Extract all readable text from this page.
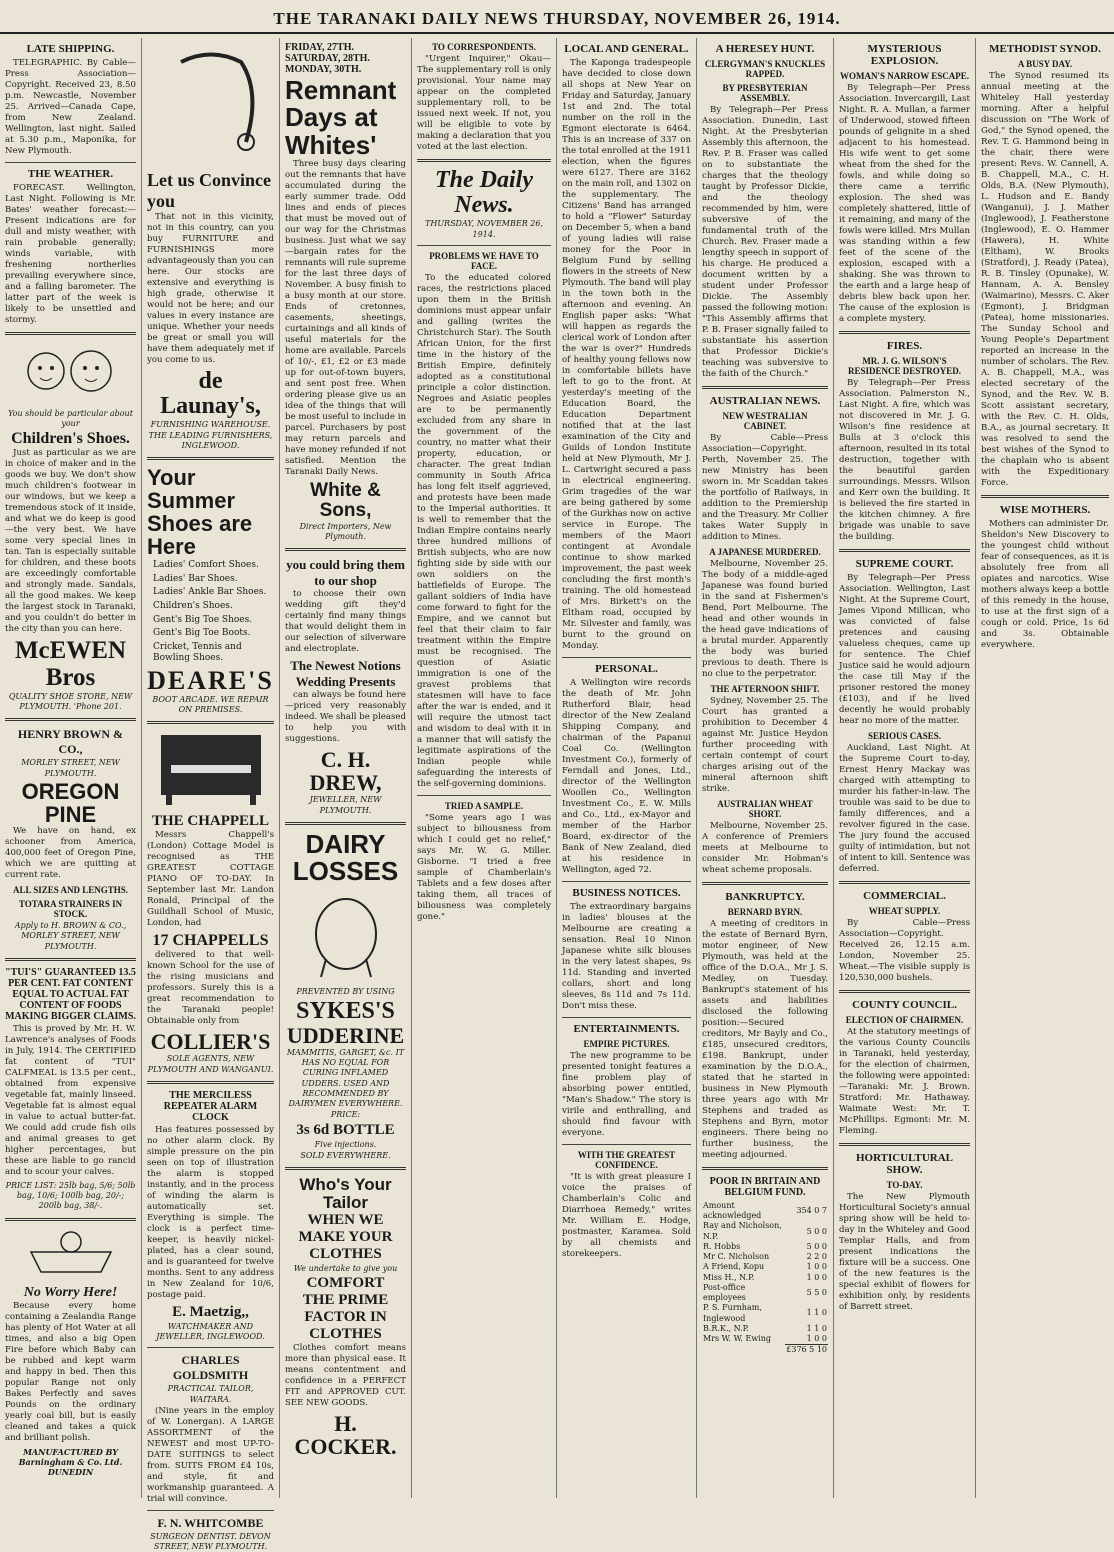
THE TARANAKI DAILY NEWS THURSDAY, NOVEMBER 26, 1914.
LATE SHIPPING.

TELEGRAPHIC. By Cable—Press Association—Copyright. Received 23, 8.50 p.m. Newcastle, November 25. Arrived—Canada Cape, from New Zealand. Wellington, last night. Sailed at 5.30 p.m., Maponika, for New Plymouth.

THE WEATHER.

FORECAST. Wellington, Last Night. Following is Mr. Bates' weather forecast:— Present indications are for dull and misty weather, with rain probable generally; winds variable, with freshening northerlies prevailing everywhere since, and a falling barometer. The latter part of the week is likely to be unsettled and stormy.

You should be particular about your
Children's Shoes.

Just as particular as we are in choice of maker and in the goods we buy. We don't show much children's footwear in our windows, but we keep a tremendous stock of it inside, and what we do keep is good—the very best. We have some very special lines in tan. Tan is especially suitable for children, and these boots are exceedingly comfortable and strongly made. Sandals, all the good makes. We keep the largest stock in Taranaki, and you couldn't do better in the city than you can here.

McEWEN Bros
QUALITY SHOE STORE, NEW PLYMOUTH. 'Phone 201.
HENRY BROWN & CO.,
MORLEY STREET, NEW PLYMOUTH.
OREGON PINE

We have on hand, ex schooner from America, 400,000 feet of Oregon Pine, which we are quitting at current rate.

ALL SIZES AND LENGTHS.
TOTARA STRAINERS IN STOCK.
Apply to H. BROWN & CO., MORLEY STREET, NEW PLYMOUTH.
"TUI'S" GUARANTEED 13.5 PER CENT. FAT CONTENT EQUAL TO ACTUAL FAT CONTENT OF FOODS MAKING BIGGER CLAIMS.

This is proved by Mr. H. W. Lawrence's analyses of Foods in July, 1914. The CERTIFIED fat content of "TUI" CALFMEAL is 13.5 per cent., obtained from expensive vegetable fat, mainly linseed. Vegetable fat is almost equal in value to actual butter-fat. We could add crude fish oils and animal greases to get higher percentages, but these are liable to go rancid and to scour your calves.

PRICE LIST: 25lb bag, 5/6; 50lb bag, 10/6; 100lb bag, 20/-; 200lb bag, 38/-.
No Worry Here!

Because every home containing a Zealandia Range has plenty of Hot Water at all times, and also a big Open Fire before which Baby can be rubbed and kept warm and happy in bed. Then this popular Range not only Bakes Perfectly and saves Pounds on the ordinary yearly coal bill, but is easily cleaned and takes a quick and brilliant polish.

MANUFACTURED BY Barningham & Co. Ltd. DUNEDIN
Let us Convince you

That not in this vicinity, not in this country, can you buy FURNITURE and FURNISHINGS more advantageously than you can here. Our stocks are extensive and everything is high grade, otherwise it would not be here; and our values in every instance are unique. Whether your needs be great or small you will have them adequately met if you come to us.

de Launay's,
FURNISHING WAREHOUSE. THE LEADING FURNISHERS, INGLEWOOD.
Your Summer Shoes are Here
Ladies' Comfort Shoes.
Ladies' Bar Shoes.
Ladies' Ankle Bar Shoes.
Children's Shoes.
Gent's Big Toe Shoes.
Gent's Big Toe Boots.
Cricket, Tennis and Bowling Shoes.
DEARE'S
BOOT ARCADE. WE REPAIR ON PREMISES.
THE CHAPPELL

Messrs Chappell's (London) Cottage Model is recognised as THE GREATEST COTTAGE PIANO OF TO-DAY. In September last Mr. Landon Ronald, Principal of the Guildhall School of Music, London, had

17 CHAPPELLS

delivered to that well-known School for the use of the rising musicians and professors. Surely this is a great recommendation to the Taranaki people! Obtainable only from

COLLIER'S
SOLE AGENTS, NEW PLYMOUTH AND WANGANUI.
THE MERCILESS REPEATER ALARM CLOCK

Has features possessed by no other alarm clock. By simple pressure on the pin seen on top of illustration the alarm is stopped instantly, and in the process of winding the alarm is automatically set. Everything is simple. The clock is a perfect time-keeper, is heavily nickel-plated, has a clear sound, and is guaranteed for twelve months. Sent to any address in New Zealand for 10/6, postage paid.

E. Maetzig,,
WATCHMAKER AND JEWELLER, INGLEWOOD.
CHARLES GOLDSMITH
PRACTICAL TAILOR, WAITARA.

(Nine years in the employ of W. Lonergan). A LARGE ASSORTMENT of the NEWEST and most UP-TO-DATE SUITINGS to select from. SUITS FROM £4 10s, and style, fit and workmanship guaranteed. A trial will convince.

F. N. WHITCOMBE
SURGEON DENTIST. DEVON STREET, NEW PLYMOUTH.
FRIDAY, 27TH. SATURDAY, 28TH. MONDAY, 30TH.
Remnant Days at Whites'

Three busy days clearing out the remnants that have accumulated during the early summer trade. Odd lines and ends of pieces that must be moved out of our way for the Christmas business. Just what we say—bargain rates for the remnants will rule supreme for the last three days of November. A busy finish to a busy month at our store. Ends of cretonnes, casements, sheetings, curtainings and all kinds of useful materials for the home are available. Parcels of 10/-, £1, £2 or £3 made up for out-of-town buyers, and sent post free. When ordering please give us an idea of the things that will be most useful to include in parcel. Purchasers by post may return parcels and have money refunded if not satisfied. Mention the Taranaki Daily News.

White & Sons,
Direct Importers, New Plymouth.
you could bring them to our shop

to choose their own wedding gift they'd certainly find many things that would delight them in our selection of silverware and electroplate.

The Newest Notions
Wedding Presents

can always be found here—priced very reasonably indeed. We shall be pleased to help you with suggestions.

C. H. DREW,
JEWELLER, NEW PLYMOUTH.
DAIRY LOSSES
PREVENTED BY USING
SYKES'S
UDDERINE
MAMMITIS, GARGET, &c. IT HAS NO EQUAL FOR CURING INFLAMED UDDERS. USED AND RECOMMENDED BY DAIRYMEN EVERYWHERE.
PRICE:
3s 6d BOTTLE
Five injections.
SOLD EVERYWHERE.
Who's Your Tailor
WHEN WE MAKE YOUR CLOTHES
We undertake to give you
COMFORT
THE PRIME FACTOR IN CLOTHES

Clothes comfort means more than physical ease. It means contentment and confidence in a PERFECT FIT and APPROVED CUT. SEE NEW GOODS.

H. COCKER.
TO CORRESPONDENTS.

"Urgent Inquirer," Okau—The supplementary roll is only provisional. Your name may appear on the completed supplementary roll, to be issued next week. If not, you will be eligible to vote by making a declaration that you voted at the last election.

The Daily News.
THURSDAY, NOVEMBER 26, 1914.
PROBLEMS WE HAVE TO FACE.

To the educated colored races, the restrictions placed upon them in the British dominions must appear unfair and galling (writes the Christchurch Star). The South African Union, for the first time in the history of the British Empire, definitely adopted as a constitutional principle a color distinction. Negroes and Asiatic peoples are to be permanently excluded from any share in the government of the country, no matter what their property, education, or character. The great Indian community in South Africa has long felt itself aggrieved, and protests have been made to the Imperial authorities. It is well to remember that the Indian Empire contains nearly three hundred millions of British subjects, who are now fighting side by side with our own soldiers on the battlefields of Europe. The gallant soldiers of India have come forward to fight for the Empire, and we cannot but feel that their claim to fair treatment within the Empire must be recognised. The question of Asiatic immigration is one of the gravest problems that statesmen will have to face after the war is ended, and it will require the utmost tact and wisdom to deal with it in a manner that will satisfy the legitimate aspirations of the Indian people while safeguarding the interests of the self-governing dominions.

TRIED A SAMPLE.

"Some years ago I was subject to biliousness from which I could get no relief," says Mr. W. G. Miller. Gisborne. "I tried a free sample of Chamberlain's Tablets and a few doses after taking them, all traces of biliousness was completely gone."

LOCAL AND GENERAL.

The Kaponga tradespeople have decided to close down all shops at New Year on Friday and Saturday, January 1st and 2nd. The total number on the roll in the Egmont electorate is 6464. This is an increase of 337 on the total enrolled at the 1911 election, when the figures were 6127. There are 3162 on the main roll, and 1302 on the supplementary. The Citizens' Band has arranged to hold a "Flower" Saturday on December 5, when a band of young ladies will raise money for the Poor in Belgium Fund by selling flowers in the streets of New Plymouth. The band will play in the town both in the afternoon and evening. An English paper asks: "What will happen as regards the clerical work of London after the war is over?" Hundreds of healthy young fellows now in comfortable billets have left to go to the front. At yesterday's meeting of the Education Board, the Education Department notified that at the last examination of the City and Guilds of London Institute held at New Plymouth, Mr J. L. Cartwright secured a pass in electrical engineering. Grim tragedies of the war are being gathered by some of the Gurkhas now on active service in Europe. The members of the Maori contingent at Avondale continue to show marked improvement, the past week concluding the first month's training. The old homestead of Mrs. Birkett's on the Eltham road, occupied by Mr. Silvester and family, was burnt to the ground on Monday.

PERSONAL.

A Wellington wire records the death of Mr. John Rutherford Blair, head director of the New Zealand Shipping Company, and chairman of the Papanui Coal Co. (Wellington Investment Co.), formerly of Ferndall and Jones, Ltd., director of the Wellington Woollen Co., Wellington Investment Co., E. W. Mills and Co., Ltd., ex-Mayor and member of the Harbor Board, ex-director of the Bank of New Zealand, died at his residence in Wellington, aged 72.

BUSINESS NOTICES.

The extraordinary bargains in ladies' blouses at the Melbourne are creating a sensation. Real 10 Ninon Japanese white silk blouses in the very latest shapes, 9s 11d. Standing and inverted collars, short and long sleeves, 8s 11d and 7s 11d. Don't miss these.

ENTERTAINMENTS.
EMPIRE PICTURES.

The new programme to be presented tonight features a fine problem play of absorbing power entitled, "Man's Shadow." The story is virile and enthralling, and should find favour with everyone.

WITH THE GREATEST CONFIDENCE.

"It is with great pleasure I voice the praises of Chamberlain's Colic and Diarrhoea Remedy," writes Mr. William E. Hodge, postmaster, Karamea. Sold by all chemists and storekeepers.

A HERESEY HUNT.
CLERGYMAN'S KNUCKLES RAPPED.
BY PRESBYTERIAN ASSEMBLY.

By Telegraph—Per Press Association. Dunedin, Last Night. At the Presbyterian Assembly this afternoon, the Rev. P. B. Fraser was called on to substantiate the charges that the theology taught by Professor Dickie, and the theology recommended by him, were subversive of the fundamental truth of the Church. Rev. Fraser made a lengthy speech in support of his charge. He produced a document written by a student under Professor Dickie. The Assembly passed the following motion: "This Assembly affirms that P. B. Fraser signally failed to substantiate his assertion that Professor Dickie's teaching was subversive to the faith of the Church."

AUSTRALIAN NEWS.
NEW WESTRALIAN CABINET.

By Cable—Press Association—Copyright. Perth, November 25. The new Ministry has been sworn in. Mr Scaddan takes the portfolio of Railways, in addition to the Premiership and the Treasury. Mr Collier takes Water Supply in addition to Mines.

A JAPANESE MURDERED.

Melbourne, November 25. The body of a middle-aged Japanese was found buried in the sand at Fishermen's Bend, Port Melbourne. The head and other wounds in the head gave indications of a brutal murder. Apparently the body was buried previous to death. There is no clue to the perpetrator.

THE AFTERNOON SHIFT.

Sydney, November 25. The Court has granted a prohibition to December 4 against Mr. Justice Heydon further proceeding with certain contempt of court charges arising out of the mineral afternoon shift strike.

AUSTRALIAN WHEAT SHORT.

Melbourne, November 25. A conference of Premiers meets at Melbourne to consider Mr. Hobman's wheat scheme proposals.

BANKRUPTCY.
BERNARD BYRN.

A meeting of creditors in the estate of Bernard Byrn, motor engineer, of New Plymouth, was held at the office of the D.O.A., Mr J. S. Medley, on Tuesday. Bankrupt's statement of his assets and liabilities disclosed the following position:—Secured creditors, Mr Bayly and Co., £185, unsecured creditors, £198. Bankrupt, under examination by the D.O.A., stated that he started in business in New Plymouth three years ago with Mr Stephens and traded as Stephens and Byrn, motor engineers. There being no further business, the meeting adjourned.

POOR IN BRITAIN AND BELGIUM FUND.
Amount acknowledged	354 0 7
Ray and Nicholson, N.P.	5 0 0
R. Hobbs	5 0 0
Mr C. Nicholson	2 2 0
A Friend, Kopu	1 0 0
Miss H., N.P.	1 0 0
Post-office employees	5 5 0
P. S. Furnham, Inglewood	1 1 0
B.R.K., N.P.	1 1 0
Mrs W. W. Ewing	1 0 0
	£376 5 10
MYSTERIOUS EXPLOSION.
WOMAN'S NARROW ESCAPE.

By Telegraph—Per Press Association. Invercargill, Last Night. R. A. Mullan, a farmer of Underwood, stowed fifteen pounds of gelignite in a shed adjacent to his homestead. His wife went to get some wheat from the shed for the fowls, and while doing so there came a terrific explosion. The shed was completely shattered, little of it remaining, and many of the fowls were killed. Mrs Mullan was standing within a few feet of the scene of the explosion, escaped with a shaking. She was thrown to the earth and a large heap of debris blew back upon her. The cause of the explosion is a complete mystery.

FIRES.
MR. J. G. WILSON'S RESIDENCE DESTROYED.

By Telegraph—Per Press Association. Palmerston N., Last Night. A fire, which was not discovered in Mr. J. G. Wilson's fine residence at Bulls at 3 o'clock this afternoon, resulted in its total destruction, together with the beautiful garden surroundings. Messrs. Wilson and Kerr own the building. It is believed the fire started in the kitchen chimney. A fire brigade was unable to save the building.

SUPREME COURT.

By Telegraph—Per Press Association. Wellington, Last Night. At the Supreme Court, James Vipond Millican, who was convicted of false pretences and causing valueless cheques, came up for sentence. The Chief Justice said he would adjourn the case till May if the prisoner restored the money (£103), and if he lived decently he would probably hear no more of the matter.

SERIOUS CASES.

Auckland, Last Night. At the Supreme Court to-day, Ernest Henry Mackay was charged with attempting to murder his father-in-law. The trouble was said to be due to family differences, and a revolver figured in the case. The jury found the accused guilty of intimidation, but not of intent to kill. Sentence was deferred.

COMMERCIAL.
WHEAT SUPPLY.

By Cable—Press Association—Copyright. Received 26, 12.15 a.m. London, November 25. Wheat.—The visible supply is 120,530,000 bushels.

COUNTY COUNCIL.
ELECTION OF CHAIRMEN.

At the statutory meetings of the various County Councils in Taranaki, held yesterday, for the election of chairmen, the following were appointed:—Taranaki: Mr. J. Brown. Stratford: Mr. Hathaway. Waimate West: Mr. T. McPhillips. Egmont: Mr. M. Fleming.

HORTICULTURAL SHOW.
TO-DAY.

The New Plymouth Horticultural Society's annual spring show will be held to-day in the Whiteley and Good Templar Halls, and from present indications the fixture will be a success. One of the new features is the special exhibit of flowers for exhibition only, by residents of Barrett street.

METHODIST SYNOD.
A BUSY DAY.

The Synod resumed its annual meeting at the Whiteley Hall yesterday morning. After a helpful discussion on "The Work of God," the Synod opened, the Rev. T. G. Hammond being in the chair, there were present: Revs. W. Cannell, A. B. Chappell, M.A., C. H. Olds, B.A. (New Plymouth), L. Hudson and E. Bandy (Wanganui), J. J. Mather (Inglewood), J. Featherstone (Inglewood), E. O. Hammer (Hawera), H. White (Eltham), W. Brooks (Stratford), J. Ready (Patea), R. B. Tinsley (Opunake), W. Hannam, A. A. Bensley (Waimarino), Messrs. C. Aker (Egmont), J. Bridgman (Patea), home missionaries. The Sunday School and Young People's Department reported an increase in the number of scholars. The Rev. A. B. Chappell, M.A., was elected secretary of the Synod, and the Rev. W. B. Scott assistant secretary, with the Rev. C. H. Olds, B.A., as journal secretary. It was resolved to send the best wishes of the Synod to the chaplain who is absent with the Expeditionary Force.

WISE MOTHERS.

Mothers can administer Dr. Sheldon's New Discovery to the youngest child without fear of consequences, as it is absolutely free from all opiates and narcotics. Wise mothers always keep a bottle of this remedy in the house, to use at the first sign of a cough or cold. Price, 1s 6d and 3s. Obtainable everywhere.
